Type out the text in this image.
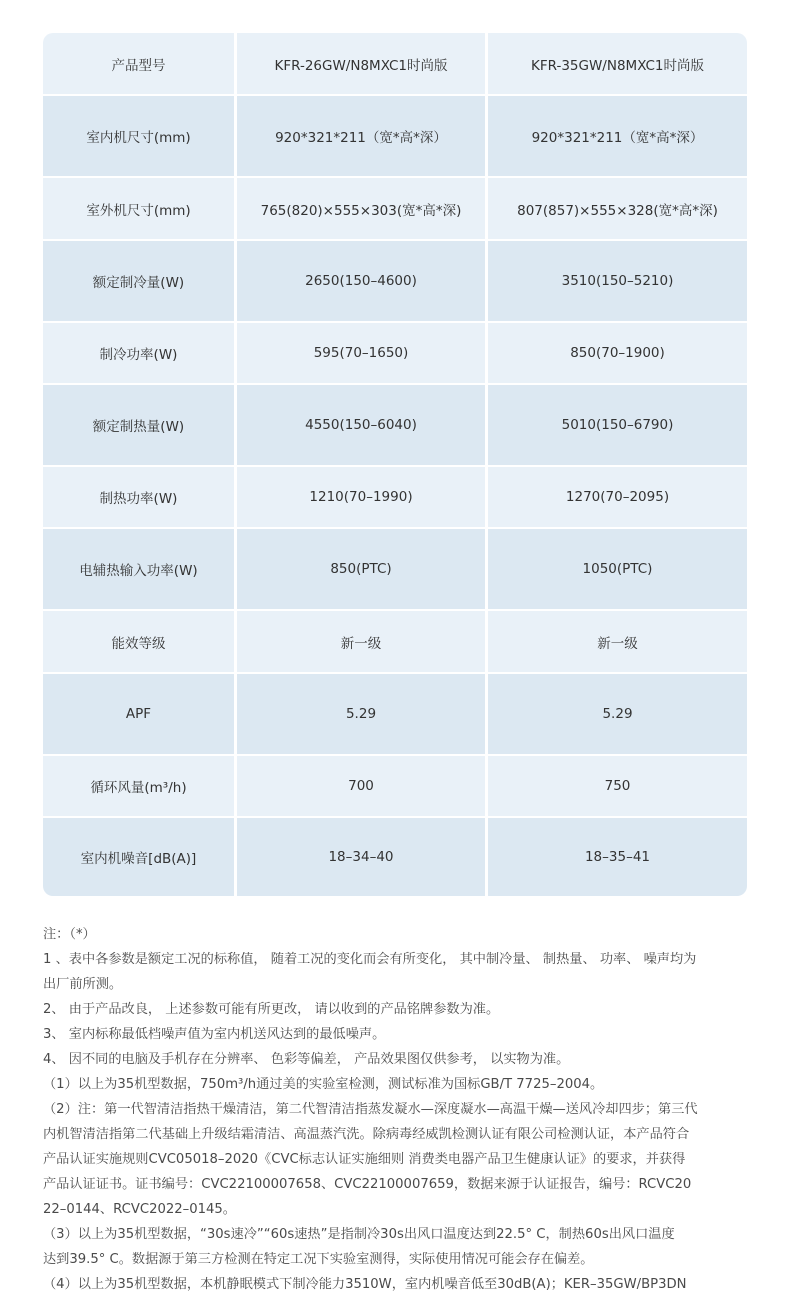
产品型号	KFR-26GW/N8MXC1时尚版	KFR-35GW/N8MXC1时尚版
室内机尺寸(mm)	920*321*211（宽*高*深）	920*321*211（宽*高*深）
室外机尺寸(mm)	765(820)×555×303(宽*高*深)	807(857)×555×328(宽*高*深)
额定制冷量(W)	2650(150–4600)	3510(150–5210)
制冷功率(W)	595(70–1650)	850(70–1900)
额定制热量(W)	4550(150–6040)	5010(150–6790)
制热功率(W)	1210(70–1990)	1270(70–2095)
电辅热输入功率(W)	850(PTC)	1050(PTC)
能效等级	新一级	新一级
APF	5.29	5.29
循环风量(m³/h)	700	750
室内机噪音[dB(A)]	18–34–40	18–35–41

注：（*）

1 、表中各参数是额定工况的标称值， 随着工况的变化而会有所变化， 其中制冷量、 制热量、 功率、 噪声均为

出厂前所测。

2、 由于产品改良， 上述参数可能有所更改， 请以收到的产品铭牌参数为准。

3、 室内标称最低档噪声值为室内机送风达到的最低噪声。

4、 因不同的电脑及手机存在分辨率、 色彩等偏差， 产品效果图仅供参考， 以实物为准。

（1）以上为35机型数据，750m³/h通过美的实验室检测，测试标准为国标GB/T 7725–2004。

（2）注：第一代智清洁指热干燥清洁，第二代智清洁指蒸发凝水—深度凝水—高温干燥—送风冷却四步；第三代

内机智清洁指第二代基础上升级结霜清洁、高温蒸汽洗。除病毒经威凯检测认证有限公司检测认证，本产品符合

产品认证实施规则CVC05018–2020《CVC标志认证实施细则 消费类电器产品卫生健康认证》的要求，并获得

产品认证证书。证书编号：CVC22100007658、CVC22100007659，数据来源于认证报告，编号：RCVC20

22–0144、RCVC2022–0145。

（3）以上为35机型数据，“30s速冷”“60s速热”是指制冷30s出风口温度达到22.5° C，制热60s出风口温度

达到39.5° C。数据源于第三方检测在特定工况下实验室测得，实际使用情况可能会存在偏差。

（4）以上为35机型数据，本机静眠模式下制冷能力3510W，室内机噪音低至30dB(A)；KER–35GW/BP3DN
